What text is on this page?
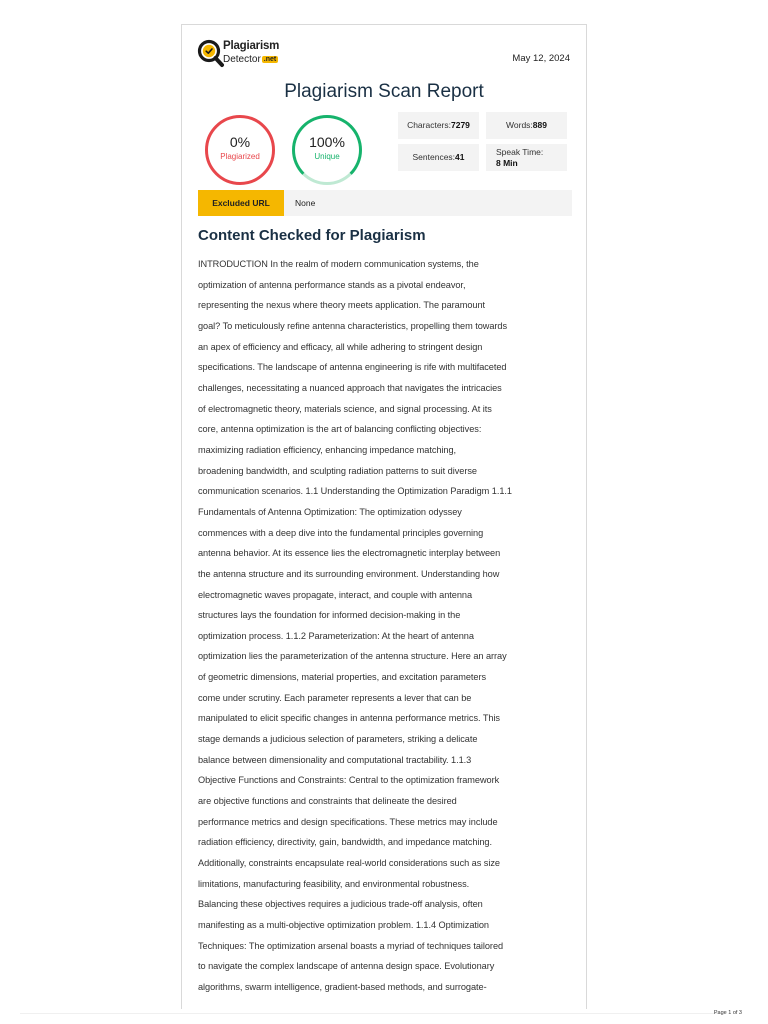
Plagiarism
Detector .net	May 12, 2024
Plagiarism Scan Report
0%
Plagiarized
100%
Unique
Characters:7279	Words:889
Sentences:41	Speak Time:
8 Min
Excluded URL	None
Content Checked for Plagiarism
INTRODUCTION In the realm of modern communication systems, the
optimization of antenna performance stands as a pivotal endeavor,
representing the nexus where theory meets application. The paramount
goal? To meticulously refine antenna characteristics, propelling them towards
an apex of efficiency and efficacy, all while adhering to stringent design
specifications. The landscape of antenna engineering is rife with multifaceted
challenges, necessitating a nuanced approach that navigates the intricacies
of electromagnetic theory, materials science, and signal processing. At its
core, antenna optimization is the art of balancing conflicting objectives:
maximizing radiation efficiency, enhancing impedance matching,
broadening bandwidth, and sculpting radiation patterns to suit diverse
communication scenarios. 1.1 Understanding the Optimization Paradigm 1.1.1
Fundamentals of Antenna Optimization: The optimization odyssey
commences with a deep dive into the fundamental principles governing
antenna behavior. At its essence lies the electromagnetic interplay between
the antenna structure and its surrounding environment. Understanding how
electromagnetic waves propagate, interact, and couple with antenna
structures lays the foundation for informed decision-making in the
optimization process. 1.1.2 Parameterization: At the heart of antenna
optimization lies the parameterization of the antenna structure. Here an array
of geometric dimensions, material properties, and excitation parameters
come under scrutiny. Each parameter represents a lever that can be
manipulated to elicit specific changes in antenna performance metrics. This
stage demands a judicious selection of parameters, striking a delicate
balance between dimensionality and computational tractability. 1.1.3
Objective Functions and Constraints: Central to the optimization framework
are objective functions and constraints that delineate the desired
performance metrics and design specifications. These metrics may include
radiation efficiency, directivity, gain, bandwidth, and impedance matching.
Additionally, constraints encapsulate real-world considerations such as size
limitations, manufacturing feasibility, and environmental robustness.
Balancing these objectives requires a judicious trade-off analysis, often
manifesting as a multi-objective optimization problem. 1.1.4 Optimization
Techniques: The optimization arsenal boasts a myriad of techniques tailored
to navigate the complex landscape of antenna design space. Evolutionary
algorithms, swarm intelligence, gradient-based methods, and surrogate-
Page 1 of 3
